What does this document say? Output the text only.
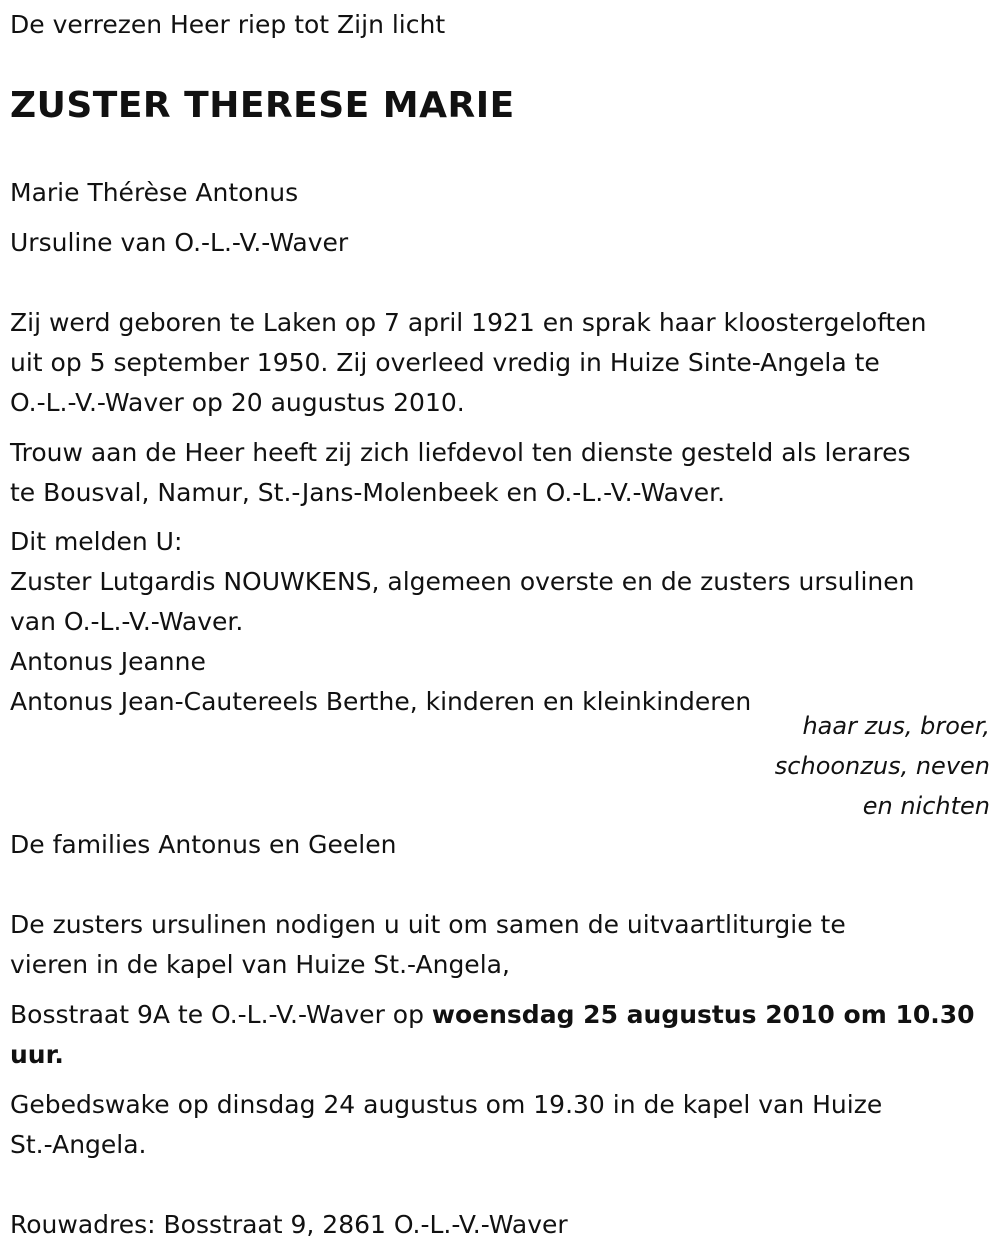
De verrezen Heer riep tot Zijn licht

ZUSTER THERESE MARIE

Marie Thérèse Antonus

Ursuline van O.-L.-V.-Waver

Zij werd geboren te Laken op 7 april 1921 en sprak haar kloostergeloften

uit op 5 september 1950. Zij overleed vredig in Huize Sinte-Angela te

O.-L.-V.-Waver op 20 augustus 2010.

Trouw aan de Heer heeft zij zich liefdevol ten dienste gesteld als lerares

te Bousval, Namur, St.-Jans-Molenbeek en O.-L.-V.-Waver.

Dit melden U:

Zuster Lutgardis NOUWKENS, algemeen overste en de zusters ursulinen

van O.-L.-V.-Waver.

Antonus Jeanne

Antonus Jean-Cautereels Berthe, kinderen en kleinkinderen

haar zus, broer,
schoonzus, neven
en nichten

De families Antonus en Geelen

De zusters ursulinen nodigen u uit om samen de uitvaartliturgie te

vieren in de kapel van Huize St.-Angela,

Bosstraat 9A te O.-L.-V.-Waver op woensdag 25 augustus 2010 om 10.30

uur.

Gebedswake op dinsdag 24 augustus om 19.30 in de kapel van Huize

St.-Angela.

Rouwadres: Bosstraat 9, 2861 O.-L.-V.-Waver
